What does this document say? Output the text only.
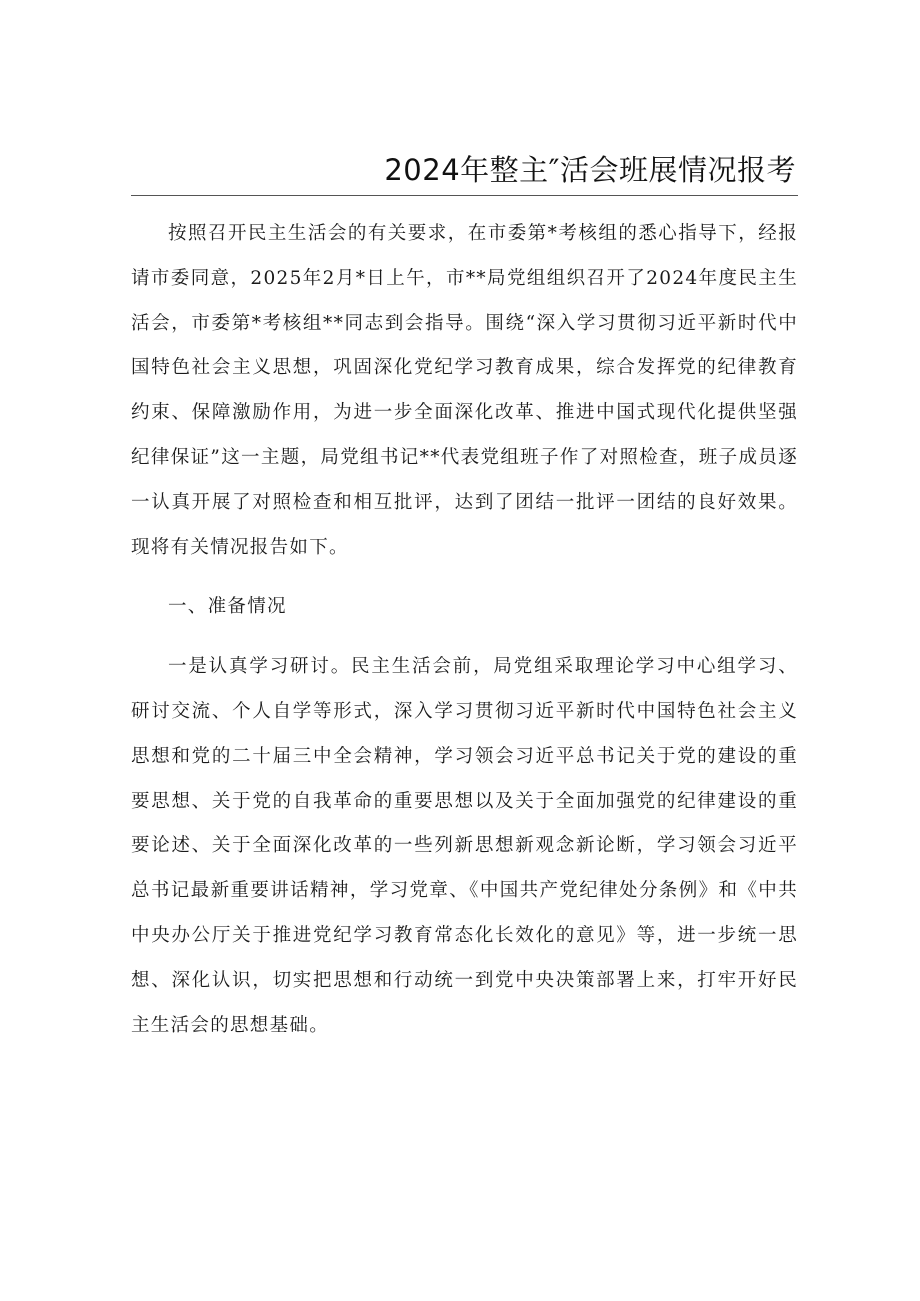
2024年整主″活会班展情况报考

按照召开民主生活会的有关要求，在市委第*考核组的悉心指导下，经报请市委同意，2025年2月*日上午，市**局党组组织召开了2024年度民主生活会，市委第*考核组**同志到会指导。围绕“深入学习贯彻习近平新时代中国特色社会主义思想，巩固深化党纪学习教育成果，综合发挥党的纪律教育约束、保障激励作用，为进一步全面深化改革、推进中国式现代化提供坚强纪律保证”这一主题，局党组书记**代表党组班子作了对照检查，班子成员逐一认真开展了对照检查和相互批评，达到了团结一批评一团结的良好效果。现将有关情况报告如下。

一、准备情况

一是认真学习研讨。民主生活会前，局党组采取理论学习中心组学习、研讨交流、个人自学等形式，深入学习贯彻习近平新时代中国特色社会主义思想和党的二十届三中全会精神，学习领会习近平总书记关于党的建设的重要思想、关于党的自我革命的重要思想以及关于全面加强党的纪律建设的重要论述、关于全面深化改革的一些列新思想新观念新论断，学习领会习近平总书记最新重要讲话精神，学习党章、《中国共产党纪律处分条例》和《中共中央办公厅关于推进党纪学习教育常态化长效化的意见》等，进一步统一思想、深化认识，切实把思想和行动统一到党中央决策部署上来，打牢开好民主生活会的思想基础。
